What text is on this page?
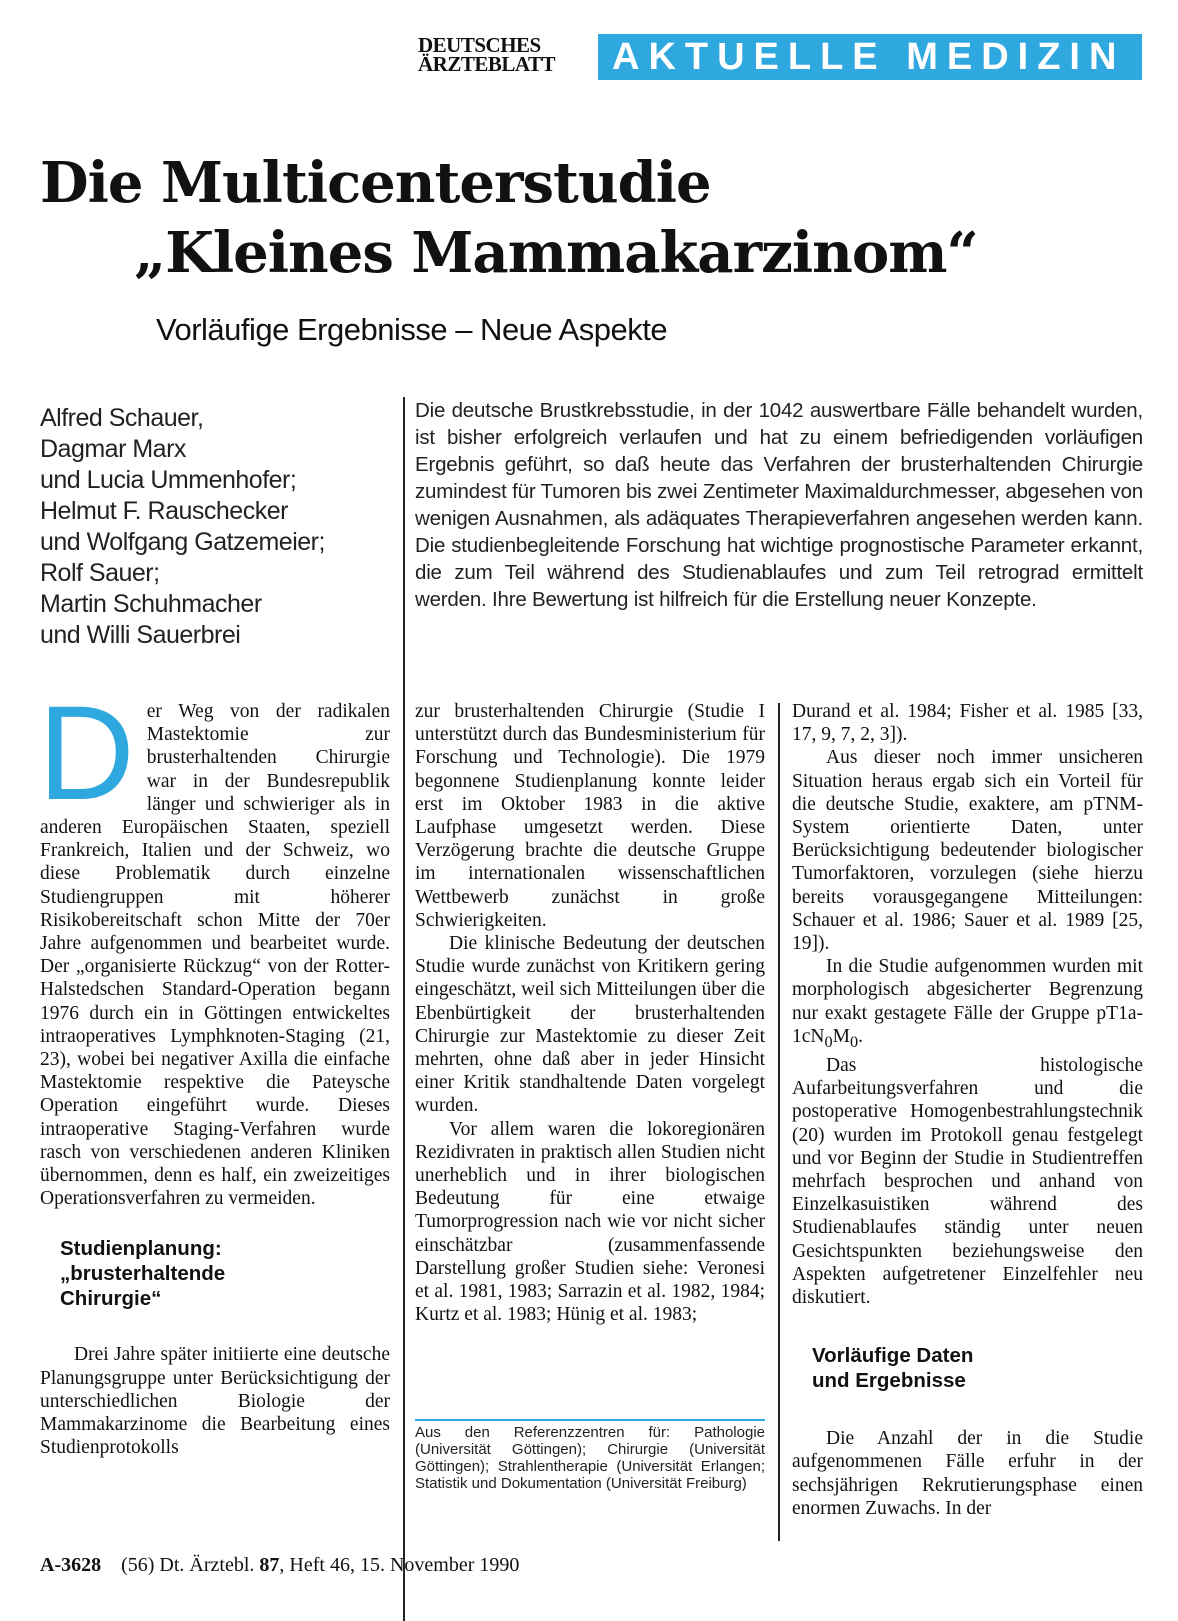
DEUTSCHES
ÄRZTEBLATT	AKTUELLE MEDIZIN
Die Multicenterstudie
„Kleines Mammakarzinom“
Vorläufige Ergebnisse – Neue Aspekte
Alfred Schauer,
Dagmar Marx
und Lucia Ummenhofer;
Helmut F. Rauschecker
und Wolfgang Gatzemeier;
Rolf Sauer;
Martin Schuhmacher
und Willi Sauerbrei
Die deutsche Brustkrebsstudie, in der 1042 auswertbare Fälle behandelt wurden, ist bisher erfolgreich verlaufen und hat zu einem befriedigenden vorläufigen Ergebnis geführt, so daß heute das Verfahren der brusterhaltenden Chirurgie zumindest für Tumoren bis zwei Zentimeter Maximaldurchmesser, abgesehen von wenigen Ausnahmen, als adäquates Therapieverfahren angesehen werden kann. Die studienbegleitende Forschung hat wichtige prognostische Parameter erkannt, die zum Teil während des Studienablaufes und zum Teil retrograd ermittelt werden. Ihre Bewertung ist hilfreich für die Erstellung neuer Konzepte.

Der Weg von der radikalen Mastektomie zur brusterhaltenden Chirurgie war in der Bundesrepublik länger und schwieriger als in anderen Europäischen Staaten, speziell Frankreich, Italien und der Schweiz, wo diese Problematik durch einzelne Studiengruppen mit höherer Risikobereitschaft schon Mitte der 70er Jahre aufgenommen und bearbeitet wurde. Der „organisierte Rückzug“ von der Rotter-Halstedschen Standard-Operation begann 1976 durch ein in Göttingen entwickeltes intraoperatives Lymphknoten-Staging (21, 23), wobei bei negativer Axilla die einfache Mastektomie respektive die Pateysche Operation eingeführt wurde. Dieses intraoperative Staging-Verfahren wurde rasch von verschiedenen anderen Kliniken übernommen, denn es half, ein zweizeitiges Operationsverfahren zu vermeiden.

Studienplanung:
„brusterhaltende
Chirurgie“

Drei Jahre später initiierte eine deutsche Planungsgruppe unter Berücksichtigung der unterschiedlichen Biologie der Mammakarzinome die Bearbeitung eines Studienprotokolls

zur brusterhaltenden Chirurgie (Studie I unterstützt durch das Bundesministerium für Forschung und Technologie). Die 1979 begonnene Studienplanung konnte leider erst im Oktober 1983 in die aktive Laufphase umgesetzt werden. Diese Verzögerung brachte die deutsche Gruppe im internationalen wissenschaftlichen Wettbewerb zunächst in große Schwierigkeiten.

Die klinische Bedeutung der deutschen Studie wurde zunächst von Kritikern gering eingeschätzt, weil sich Mitteilungen über die Ebenbürtigkeit der brusterhaltenden Chirurgie zur Mastektomie zu dieser Zeit mehrten, ohne daß aber in jeder Hinsicht einer Kritik standhaltende Daten vorgelegt wurden.

Vor allem waren die lokoregionären Rezidivraten in praktisch allen Studien nicht unerheblich und in ihrer biologischen Bedeutung für eine etwaige Tumorprogression nach wie vor nicht sicher einschätzbar (zusammenfassende Darstellung großer Studien siehe: Veronesi et al. 1981, 1983; Sarrazin et al. 1982, 1984; Kurtz et al. 1983; Hünig et al. 1983;

Aus den Referenzzentren für: Pathologie (Universität Göttingen); Chirurgie (Universität Göttingen); Strahlentherapie (Universität Erlangen; Statistik und Dokumentation (Universität Freiburg)

Durand et al. 1984; Fisher et al. 1985 [33, 17, 9, 7, 2, 3]).

Aus dieser noch immer unsicheren Situation heraus ergab sich ein Vorteil für die deutsche Studie, exaktere, am pTNM-System orientierte Daten, unter Berücksichtigung bedeutender biologischer Tumorfaktoren, vorzulegen (siehe hierzu bereits vorausgegangene Mitteilungen: Schauer et al. 1986; Sauer et al. 1989 [25, 19]).

In die Studie aufgenommen wurden mit morphologisch abgesicherter Begrenzung nur exakt gestagete Fälle der Gruppe $pT1a-1cN_0M_0$.

Das histologische Aufarbeitungsverfahren und die postoperative Homogenbestrahlungstechnik (20) wurden im Protokoll genau festgelegt und vor Beginn der Studie in Studientreffen mehrfach besprochen und anhand von Einzelkasuistiken während des Studienablaufes ständig unter neuen Gesichtspunkten beziehungsweise den Aspekten aufgetretener Einzelfehler neu diskutiert.

Vorläufige Daten
und Ergebnisse

Die Anzahl der in die Studie aufgenommenen Fälle erfuhr in der sechsjährigen Rekrutierungsphase einen enormen Zuwachs. In der

A-3628 (56) Dt. Ärztebl. 87, Heft 46, 15. November 1990
